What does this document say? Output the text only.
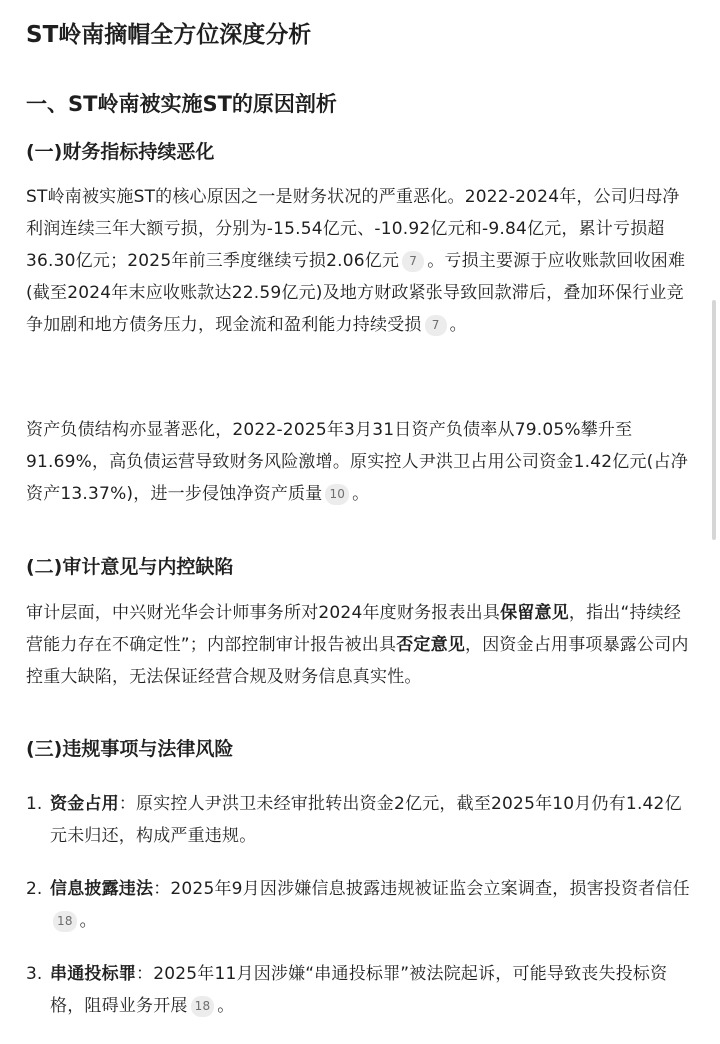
ST岭南摘帽全方位深度分析
一、ST岭南被实施ST的原因剖析
(一)财务指标持续恶化
ST岭南被实施ST的核心原因之一是财务状况的严重恶化。2022-2024年，公司归母净利润连续三年大额亏损，分别为-15.54亿元、-10.92亿元和-9.84亿元，累计亏损超36.30亿元；2025年前三季度继续亏损2.06亿元 7 。亏损主要源于应收账款回收困难(截至2024年末应收账款达22.59亿元)及地方财政紧张导致回款滞后，叠加环保行业竞争加剧和地方债务压力，现金流和盈利能力持续受损 7 。
资产负债结构亦显著恶化，2022-2025年3月31日资产负债率从79.05%攀升至91.69%，高负债运营导致财务风险激增。原实控人尹洪卫占用公司资金1.42亿元(占净资产13.37%)，进一步侵蚀净资产质量 10 。
(二)审计意见与内控缺陷
审计层面，中兴财光华会计师事务所对2024年度财务报表出具保留意见，指出“持续经营能力存在不确定性”；内部控制审计报告被出具否定意见，因资金占用事项暴露公司内控重大缺陷，无法保证经营合规及财务信息真实性。
(三)违规事项与法律风险
1. 资金占用：原实控人尹洪卫未经审批转出资金2亿元，截至2025年10月仍有1.42亿元未归还，构成严重违规。
2. 信息披露违法：2025年9月因涉嫌信息披露违规被证监会立案调查，损害投资者信任18 。
3. 串通投标罪：2025年11月因涉嫌“串通投标罪”被法院起诉，可能导致丧失投标资格，阻碍业务开展 18 。
